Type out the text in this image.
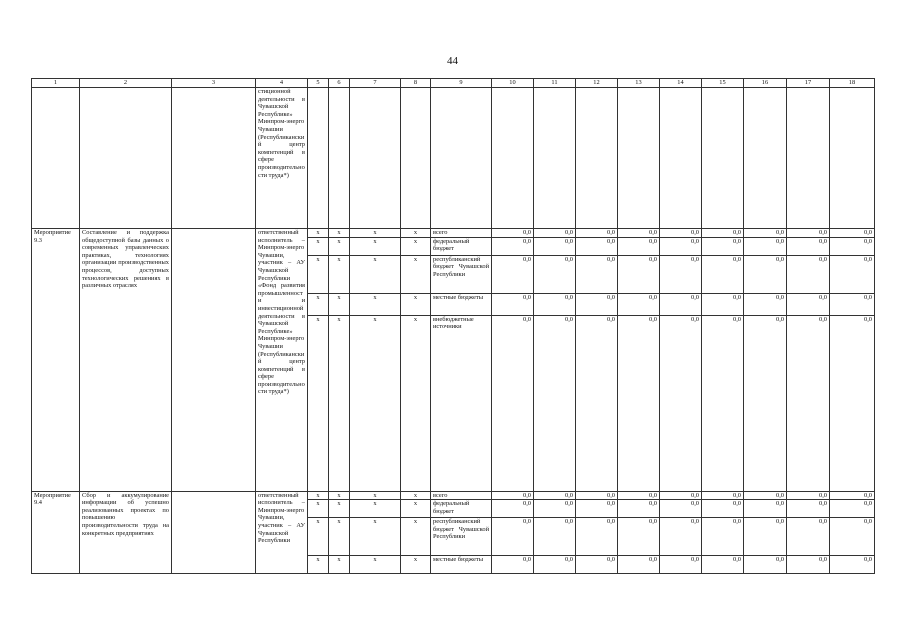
44
1	2	3	4	5	6	7	8	9	10	11	12	13	14	15	16	17	18
			стиционной деятельности в Чувашской Республике» Минпром-энерго Чувашии (Республиканский центр компетенций в сфере производительности труда*)														
Мероприятие 9.3	Составление и поддержка общедоступной базы данных о современных управленческих практиках, технологиях организации производственных процессов, доступных технологических решениях в различных отраслях		ответственный исполнитель – Минпром-энерго Чувашии, участник – АУ Чувашской Республики «Фонд развития промышленности и инвестиционной деятельности в Чувашской Республике» Минпром-энерго Чувашии (Республиканский центр компетенций в сфере производительности труда*)	х	х	х	х	всего	0,0	0,0	0,0	0,0	0,0	0,0	0,0	0,0	0,0
				х	х	х	х	федеральный бюджет	0,0	0,0	0,0	0,0	0,0	0,0	0,0	0,0	0,0
				х	х	х	х	республиканский бюджет Чувашской Республики	0,0	0,0	0,0	0,0	0,0	0,0	0,0	0,0	0,0
				х	х	х	х	местные бюджеты	0,0	0,0	0,0	0,0	0,0	0,0	0,0	0,0	0,0
				х	х	х	х	внебюджетные источники	0,0	0,0	0,0	0,0	0,0	0,0	0,0	0,0	0,0
Мероприятие 9.4	Сбор и аккумулирование информации об успешно реализованных проектах по повышению производительности труда на конкретных предприятиях		ответственный исполнитель – Минпром-энерго Чувашии, участник – АУ Чувашской Республики	х	х	х	х	всего	0,0	0,0	0,0	0,0	0,0	0,0	0,0	0,0	0,0
				х	х	х	х	федеральный бюджет	0,0	0,0	0,0	0,0	0,0	0,0	0,0	0,0	0,0
				х	х	х	х	республиканский бюджет Чувашской Республики	0,0	0,0	0,0	0,0	0,0	0,0	0,0	0,0	0,0
				х	х	х	х	местные бюджеты	0,0	0,0	0,0	0,0	0,0	0,0	0,0	0,0	0,0
